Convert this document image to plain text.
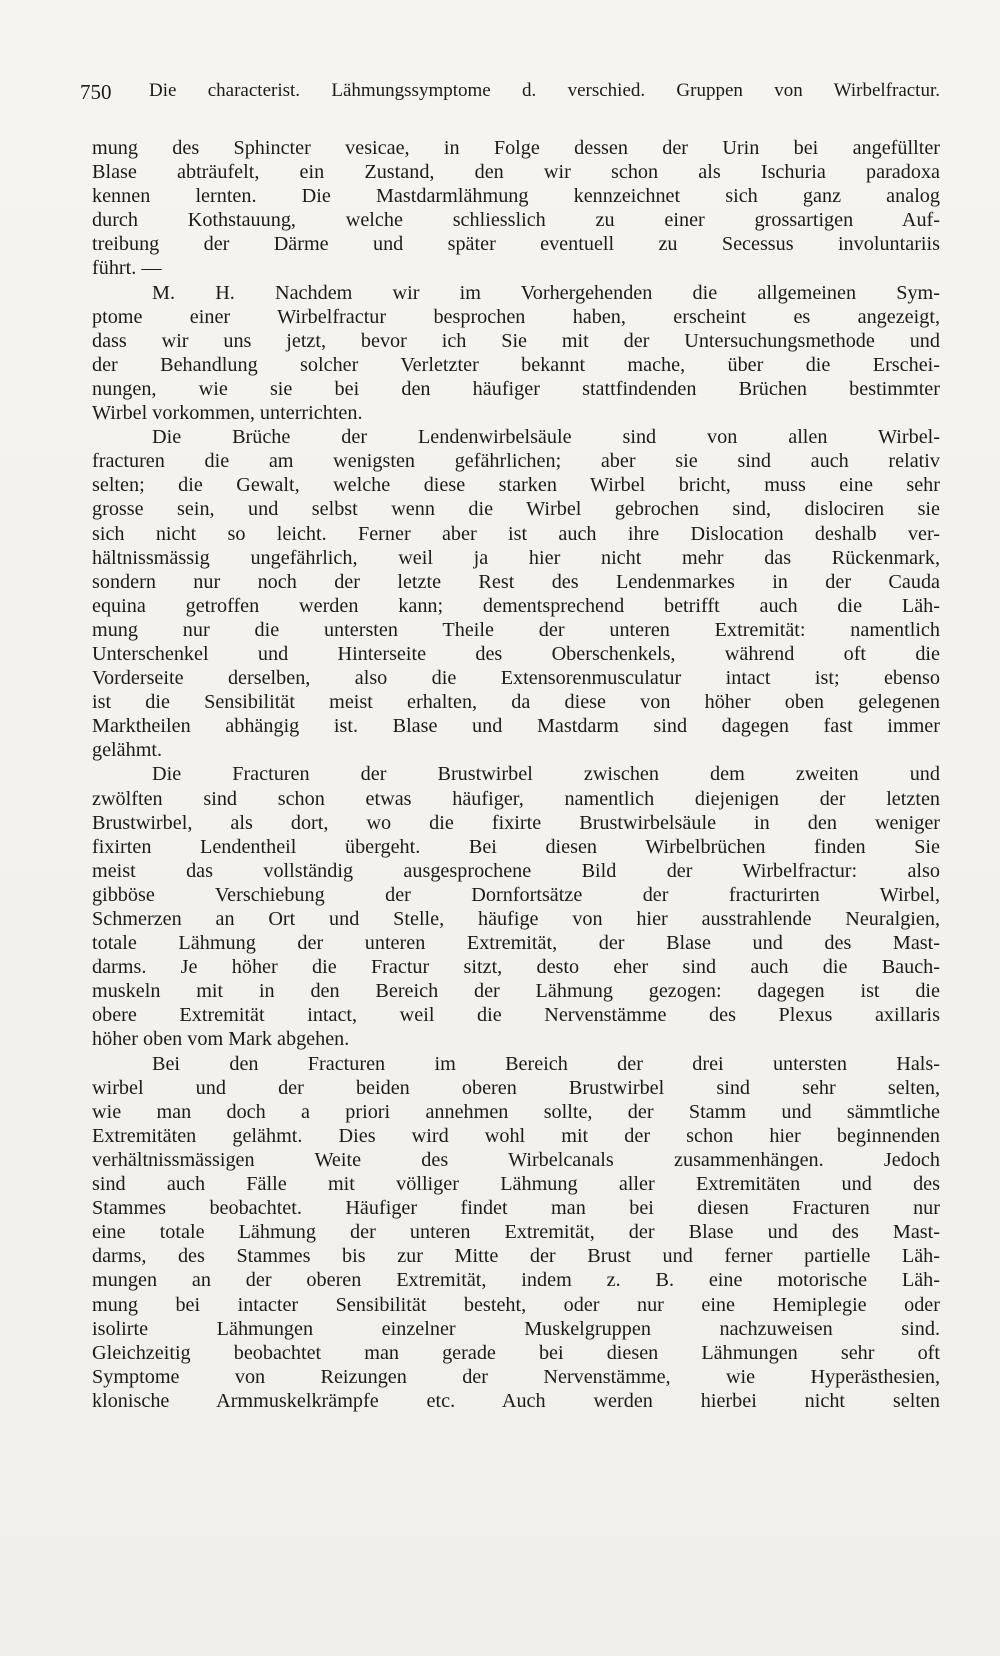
750 Die characterist. Lähmungssymptome d. verschied. Gruppen von Wirbelfractur.
mung des Sphincter vesicae, in Folge dessen der Urin bei angefüllter
Blase abträufelt, ein Zustand, den wir schon als Ischuria paradoxa
kennen lernten. Die Mastdarmlähmung kennzeichnet sich ganz analog
durch Kothstauung, welche schliesslich zu einer grossartigen Auf-
treibung der Därme und später eventuell zu Secessus involuntariis
führt. —
M. H. Nachdem wir im Vorhergehenden die allgemeinen Sym-
ptome einer Wirbelfractur besprochen haben, erscheint es angezeigt,
dass wir uns jetzt, bevor ich Sie mit der Untersuchungsmethode und
der Behandlung solcher Verletzter bekannt mache, über die Erschei-
nungen, wie sie bei den häufiger stattfindenden Brüchen bestimmter
Wirbel vorkommen, unterrichten.
Die Brüche der Lendenwirbelsäule sind von allen Wirbel-
fracturen die am wenigsten gefährlichen; aber sie sind auch relativ
selten; die Gewalt, welche diese starken Wirbel bricht, muss eine sehr
grosse sein, und selbst wenn die Wirbel gebrochen sind, dislociren sie
sich nicht so leicht. Ferner aber ist auch ihre Dislocation deshalb ver-
hältnissmässig ungefährlich, weil ja hier nicht mehr das Rückenmark,
sondern nur noch der letzte Rest des Lendenmarkes in der Cauda
equina getroffen werden kann; dementsprechend betrifft auch die Läh-
mung nur die untersten Theile der unteren Extremität: namentlich
Unterschenkel und Hinterseite des Oberschenkels, während oft die
Vorderseite derselben, also die Extensorenmusculatur intact ist; ebenso
ist die Sensibilität meist erhalten, da diese von höher oben gelegenen
Marktheilen abhängig ist. Blase und Mastdarm sind dagegen fast immer
gelähmt.
Die Fracturen der Brustwirbel zwischen dem zweiten und
zwölften sind schon etwas häufiger, namentlich diejenigen der letzten
Brustwirbel, als dort, wo die fixirte Brustwirbelsäule in den weniger
fixirten Lendentheil übergeht. Bei diesen Wirbelbrüchen finden Sie
meist das vollständig ausgesprochene Bild der Wirbelfractur: also
gibböse Verschiebung der Dornfortsätze der fracturirten Wirbel,
Schmerzen an Ort und Stelle, häufige von hier ausstrahlende Neuralgien,
totale Lähmung der unteren Extremität, der Blase und des Mast-
darms. Je höher die Fractur sitzt, desto eher sind auch die Bauch-
muskeln mit in den Bereich der Lähmung gezogen: dagegen ist die
obere Extremität intact, weil die Nervenstämme des Plexus axillaris
höher oben vom Mark abgehen.
Bei den Fracturen im Bereich der drei untersten Hals-
wirbel und der beiden oberen Brustwirbel sind sehr selten,
wie man doch a priori annehmen sollte, der Stamm und sämmtliche
Extremitäten gelähmt. Dies wird wohl mit der schon hier beginnenden
verhältnissmässigen Weite des Wirbelcanals zusammenhängen. Jedoch
sind auch Fälle mit völliger Lähmung aller Extremitäten und des
Stammes beobachtet. Häufiger findet man bei diesen Fracturen nur
eine totale Lähmung der unteren Extremität, der Blase und des Mast-
darms, des Stammes bis zur Mitte der Brust und ferner partielle Läh-
mungen an der oberen Extremität, indem z. B. eine motorische Läh-
mung bei intacter Sensibilität besteht, oder nur eine Hemiplegie oder
isolirte Lähmungen einzelner Muskelgruppen nachzuweisen sind.
Gleichzeitig beobachtet man gerade bei diesen Lähmungen sehr oft
Symptome von Reizungen der Nervenstämme, wie Hyperästhesien,
klonische Armmuskelkrämpfe etc. Auch werden hierbei nicht selten
